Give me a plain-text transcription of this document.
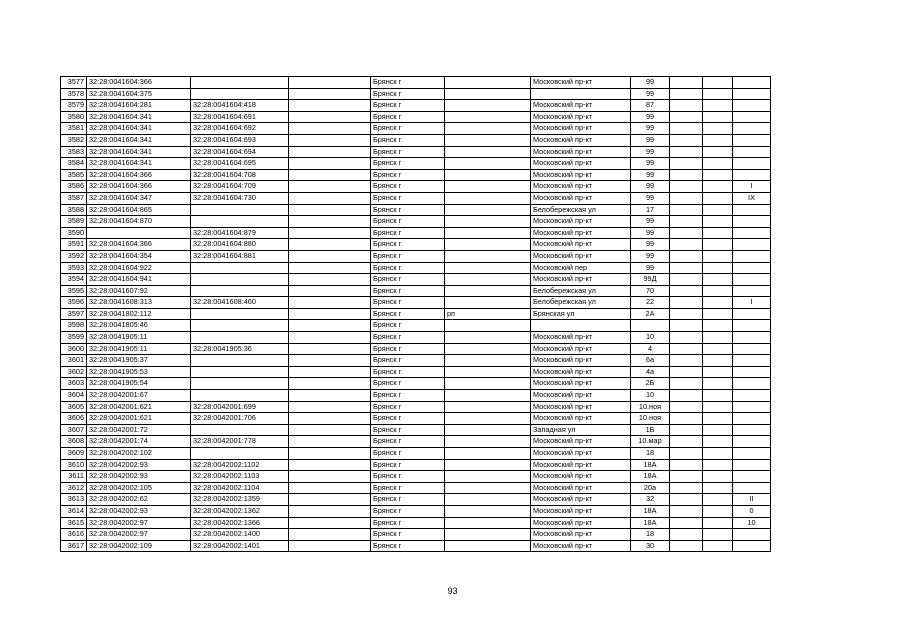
3577	32:28:0041604:366			Брянск г		Московский пр-кт	99			
3578	32:28:0041604:375			Брянск г			99			
3579	32:28:0041604:281	32:28:0041604:418		Брянск г		Московский пр-кт	87			
3580	32:28:0041604:341	32:28:0041604:691		Брянск г		Московский пр-кт	99			
3581	32:28:0041604:341	32:28:0041604:692		Брянск г		Московский пр-кт	99			
3582	32:28:0041604:341	32:28:0041604:693		Брянск г		Московский пр-кт	99			
3583	32:28:0041604:341	32:28:0041604:694		Брянск г		Московский пр-кт	99			
3584	32:28:0041604:341	32:28:0041604:695		Брянск г		Московский пр-кт	99			
3585	32:28:0041604:366	32:28:0041604:708		Брянск г		Московский пр-кт	99			
3586	32:28:0041604:366	32:28:0041604:709		Брянск г		Московский пр-кт	99			I
3587	32:28:0041604:347	32:28:0041604:730		Брянск г		Московский пр-кт	99			IX
3588	32:28:0041604:865			Брянск г		Белобережская ул	17			
3589	32:28:0041604:870			Брянск г		Московский пр-кт	99			
3590		32:28:0041604:879		Брянск г		Московский пр-кт	99			
3591	32:28:0041604:366	32:28:0041604:880		Брянск г		Московский пр-кт	99			
3592	32:28:0041604:354	32:28:0041604:881		Брянск г		Московский пр-кт	99			
3593	32:28:0041604:922			Брянск г		Московский пер	99			
3594	32:28:0041604:941			Брянск г		Московский пр-кт	99Д			
3595	32:28:0041607:92			Брянск г		Белобережская ул	70			
3596	32:28:0041608:313	32:28:0041608:460		Брянск г		Белобережская ул	22			I
3597	32:28:0041802:112			Брянск г	рп	Брянская ул	2А			
3598	32:28:0041805:46			Брянск г						
3599	32:28:0041905:11			Брянск г		Московский пр-кт	10			
3600	32:28:0041905:11	32:28:0041905:36		Брянск г		Московский пр-кт	4			
3601	32:28:0041905:37			Брянск г		Московский пр-кт	6а			
3602	32:28:0041905:53			Брянск г		Московский пр-кт	4а			
3603	32:28:0041905:54			Брянск г		Московский пр-кт	2Б			
3604	32:28:0042001:67			Брянск г		Московский пр-кт	10			
3605	32:28:0042001:621	32:28:0042001:699		Брянск г		Московский пр-кт	10.ноя			
3606	32:28:0042001:621	32:28:0042001:706		Брянск г		Московский пр-кт	10.ноя			
3607	32:28:0042001:72			Брянск г		Западная ул	1Б			
3608	32:28:0042001:74	32:28:0042001:778		Брянск г		Московский пр-кт	10.мар			
3609	32:28:0042002:102			Брянск г		Московский пр-кт	18			
3610	32:28:0042002:93	32:28:0042002:1102		Брянск г		Московский пр-кт	18А			
3611	32:28:0042002:93	32:28:0042002:1103		Брянск г		Московский пр-кт	18А			
3612	32:28:0042002:105	32:28:0042002:1104		Брянск г		Московский пр-кт	20а			
3613	32:28:0042002:62	32:28:0042002:1359		Брянск г		Московский пр-кт	32			II
3614	32:28:0042002:93	32:28:0042002:1362		Брянск г		Московский пр-кт	18А			0
3615	32:28:0042002:97	32:28:0042002:1366		Брянск г		Московский пр-кт	18А			10
3616	32:28:0042002:97	32:28:0042002:1400		Брянск г		Московский пр-кт	18			
3617	32:28:0042002:109	32:28:0042002:1401		Брянск г		Московский пр-кт	30			
93
